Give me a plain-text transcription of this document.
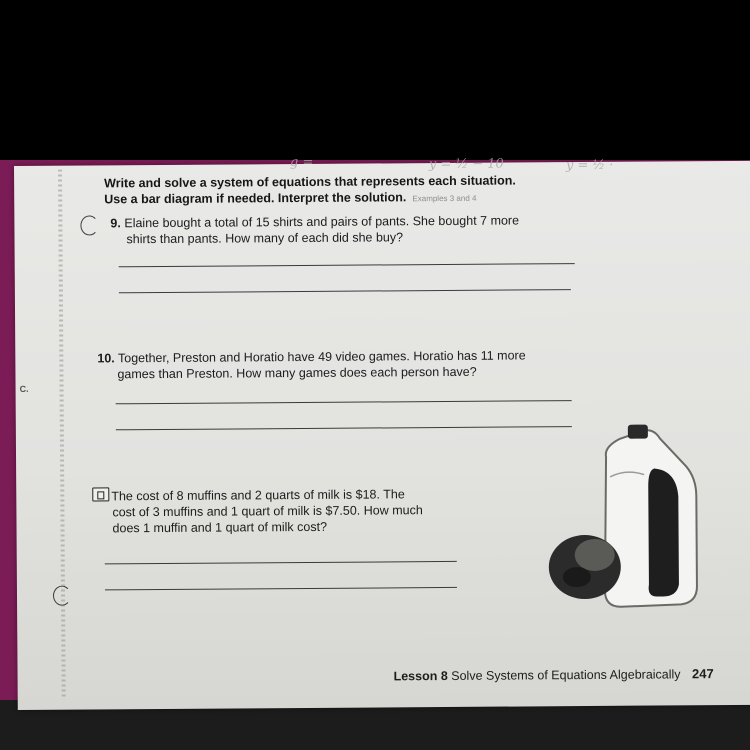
g =	y = ½ − 10	y = ½ ·
Write and solve a system of equations that represents each situation.
Use a bar diagram if needed. Interpret the solution. Examples 3 and 4
9. Elaine bought a total of 15 shirts and pairs of pants. She bought 7 more
shirts than pants. How many of each did she buy?
C.
10. Together, Preston and Horatio have 49 video games. Horatio has 11 more
games than Preston. How many games does each person have?
The cost of 8 muffins and 2 quarts of milk is $18. The
cost of 3 muffins and 1 quart of milk is $7.50. How much
does 1 muffin and 1 quart of milk cost?
Lesson 8 Solve Systems of Equations Algebraically 247
